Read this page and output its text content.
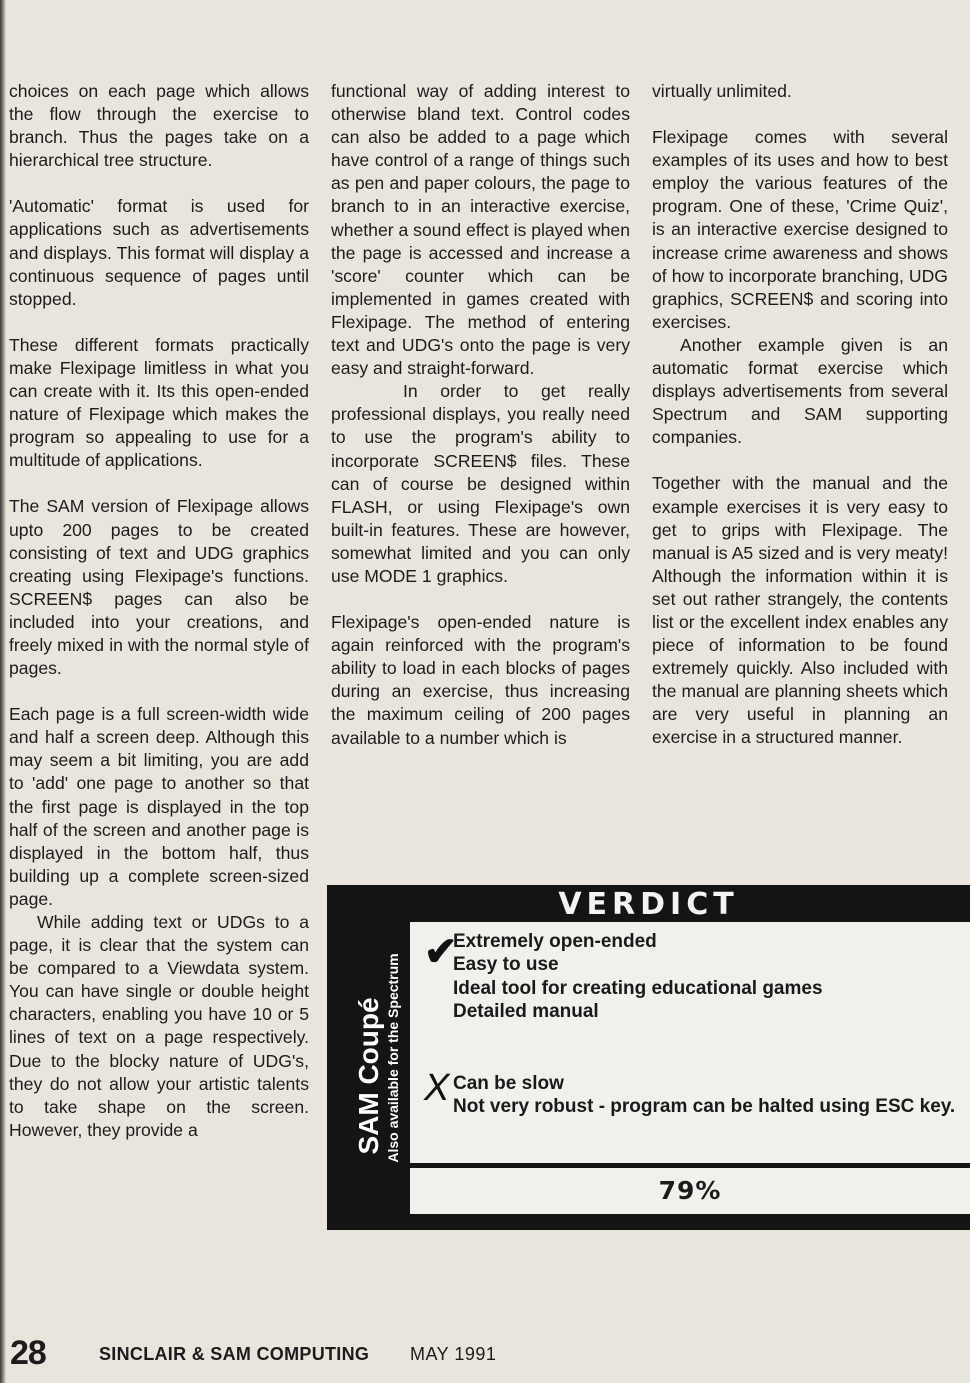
choices on each page which allows the flow through the exercise to branch. Thus the pages take on a hierarchical tree structure.

'Automatic' format is used for applications such as advertisements and displays. This format will display a continuous sequence of pages until stopped.

These different formats practically make Flexipage limitless in what you can create with it. Its this open-ended nature of Flexipage which makes the program so appealing to use for a multitude of applications.

The SAM version of Flexipage allows upto 200 pages to be created consisting of text and UDG graphics creating using Flexipage's functions. SCREEN$ pages can also be included into your creations, and freely mixed in with the normal style of pages.

Each page is a full screen-width wide and half a screen deep. Although this may seem a bit limiting, you are add to 'add' one page to another so that the first page is displayed in the top half of the screen and another page is displayed in the bottom half, thus building up a complete screen-sized page.

While adding text or UDGs to a page, it is clear that the system can be compared to a Viewdata system. You can have single or double height characters, enabling you have 10 or 5 lines of text on a page respectively. Due to the blocky nature of UDG's, they do not allow your artistic talents to take shape on the screen. However, they provide a

functional way of adding interest to otherwise bland text. Control codes can also be added to a page which have control of a range of things such as pen and paper colours, the page to branch to in an interactive exercise, whether a sound effect is played when the page is accessed and increase a 'score' counter which can be implemented in games created with Flexipage. The method of entering text and UDG's onto the page is very easy and straight-forward.

In order to get really professional displays, you really need to use the program's ability to incorporate SCREEN$ files. These can of course be designed within FLASH, or using Flexipage's own built-in features. These are however, somewhat limited and you can only use MODE 1 graphics.

Flexipage's open-ended nature is again reinforced with the program's ability to load in each blocks of pages during an exercise, thus increasing the maximum ceiling of 200 pages available to a number which is

virtually unlimited.

Flexipage comes with several examples of its uses and how to best employ the various features of the program. One of these, 'Crime Quiz', is an interactive exercise designed to increase crime awareness and shows of how to incorporate branching, UDG graphics, SCREEN$ and scoring into exercises.

Another example given is an automatic format exercise which displays advertisements from several Spectrum and SAM supporting companies.

Together with the manual and the example exercises it is very easy to get to grips with Flexipage. The manual is A5 sized and is very meaty! Although the information within it is set out rather strangely, the contents list or the excellent index enables any piece of information to be found extremely quickly. Also included with the manual are planning sheets which are very useful in planning an exercise in a structured manner.

VERDICT
SAM Coupé Also available for the Spectrum
✔
Extremely open-ended
Easy to use
Ideal tool for creating educational games
Detailed manual
X Can be slow
Not very robust - program can be halted using ESC key.
79%
28	SINCLAIR & SAM COMPUTING MAY 1991
